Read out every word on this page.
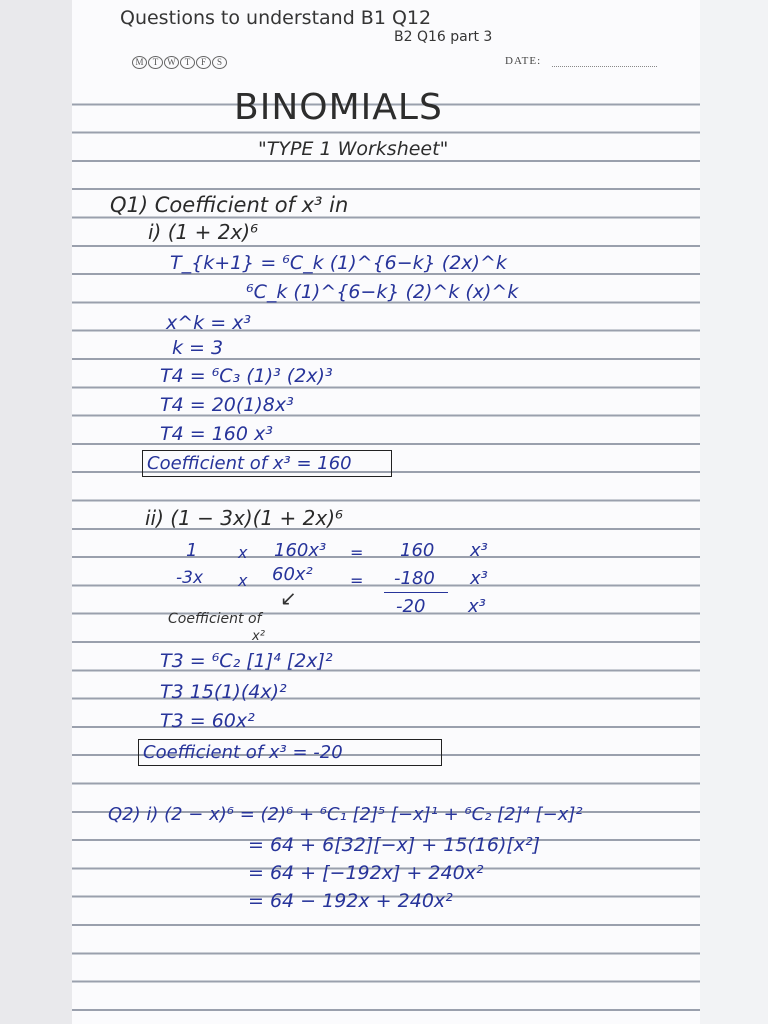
Questions to understand B1 Q12
B2 Q16 part 3
M T W T F S	DATE:
BINOMIALS
"TYPE 1 Worksheet"
Q1) Coefficient of x³ in
i) (1 + 2x)⁶
T_{k+1} = ⁶C_k (1)^{6−k} (2x)^k
⁶C_k (1)^{6−k} (2)^k (x)^k
x^k = x³
k = 3
T4 = ⁶C₃ (1)³ (2x)³
T4 = 20(1)8x³
T4 = 160 x³
Coefficient of x³ = 160
ii) (1 − 3x)(1 + 2x)⁶
1	x 160x³ = 160 x³
-3x x 60x² = -180 x³
-20 x³
↙
Coefficient of
x²
T3 = ⁶C₂ [1]⁴ [2x]²
T3 15(1)(4x)²
T3 = 60x²
Coefficient of x³ = -20
Q2) i) (2 − x)⁶ = (2)⁶ + ⁶C₁ [2]⁵ [−x]¹ + ⁶C₂ [2]⁴ [−x]²
= 64 + 6[32][−x] + 15(16)[x²]
= 64 + [−192x] + 240x²
= 64 − 192x + 240x²
